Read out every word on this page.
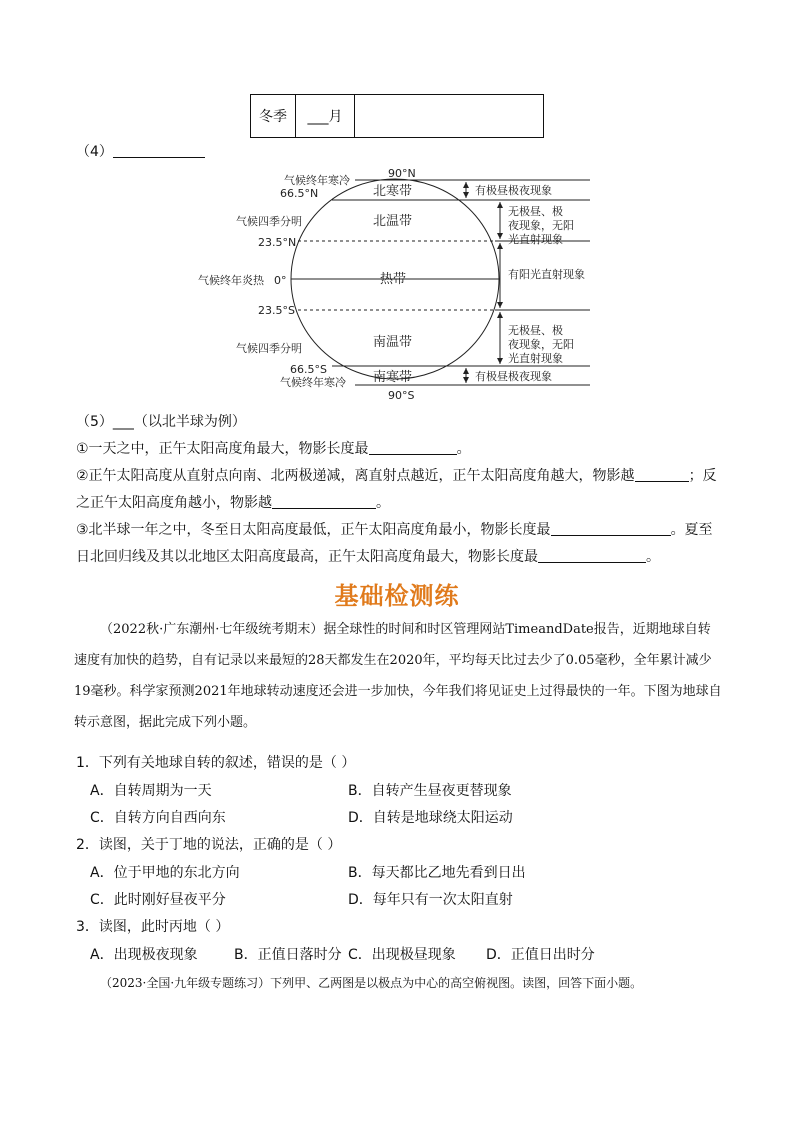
冬季	___月	
（4）
90°N
66.5°N
23.5°N
0°
23.5°S
66.5°S
90°S
气候终年寒冷
气候四季分明
气候终年炎热
气候四季分明
气候终年寒冷
北寒带
北温带
热带
南温带
南寒带
有极昼极夜现象
无极昼、极
夜现象，无阳
光直射现象
有阳光直射现象
无极昼、极
夜现象，无阳
光直射现象
有极昼极夜现象
（5）___（以北半球为例）
①一天之中，正午太阳高度角最大，物影长度最	。
②正午太阳高度从直射点向南、北两极递减，离直射点越近，正午太阳高度角越大，物影越	；反
之正午太阳高度角越小，物影越	。
③北半球一年之中，冬至日太阳高度最低，正午太阳高度角最小，物影长度最	。夏至
日北回归线及其以北地区太阳高度最高，正午太阳高度角最大，物影长度最	。
基础检测练
（2022秋·广东潮州·七年级统考期末）据全球性的时间和时区管理网站TimeandDate报告，近期地球自转速度有加快的趋势，自有记录以来最短的28天都发生在2020年，平均每天比过去少了0.05毫秒，全年累计减少19毫秒。科学家预测2021年地球转动速度还会进一步加快，今年我们将见证史上过得最快的一年。下图为地球自转示意图，据此完成下列小题。
1．下列有关地球自转的叙述，错误的是（ ）
A．自转周期为一天	B．自转产生昼夜更替现象
C．自转方向自西向东	D．自转是地球绕太阳运动
2．读图，关于丁地的说法，正确的是（ ）
A．位于甲地的东北方向	B．每天都比乙地先看到日出
C．此时刚好昼夜平分	D．每年只有一次太阳直射
3．读图，此时丙地（ ）
A．出现极夜现象	B．正值日落时分 C．出现极昼现象 D．正值日出时分
（2023·全国·九年级专题练习）下列甲、乙两图是以极点为中心的高空俯视图。读图，回答下面小题。
